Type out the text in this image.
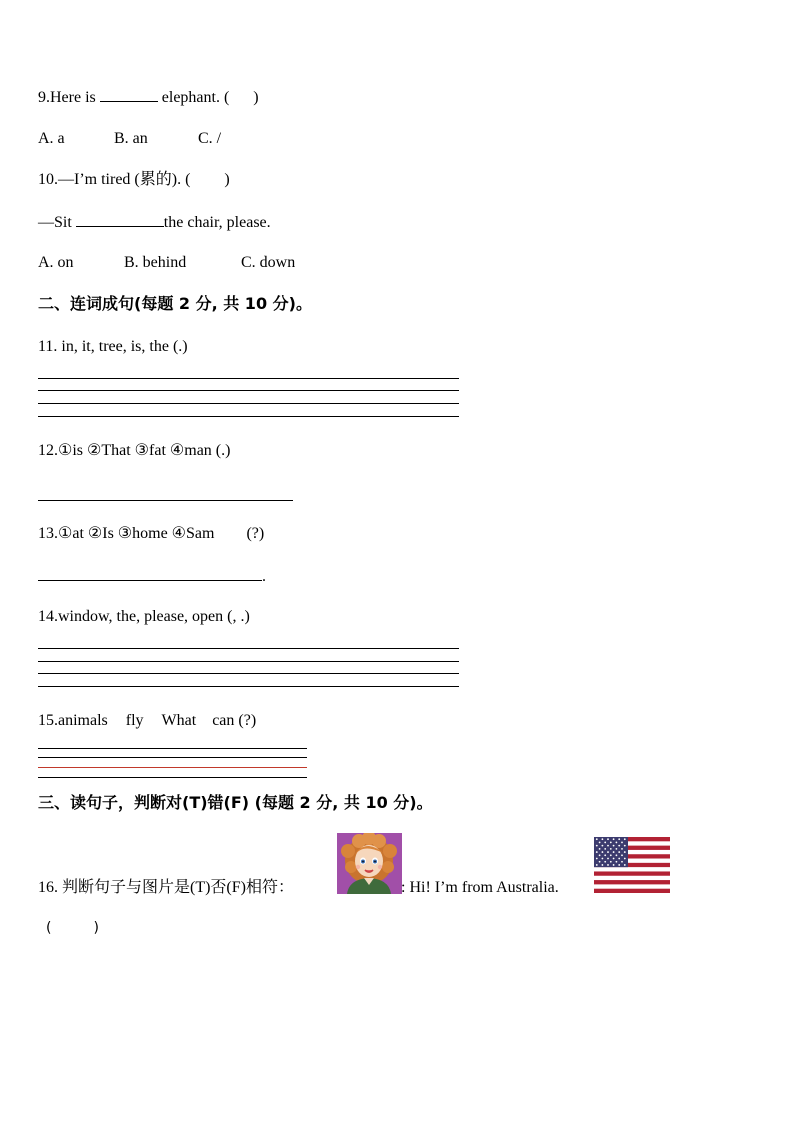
9.Here is	elephant. ( )
A. a	B. an	C. /
10.—I’m tired (累的). ( )
—Sit	the chair, please.
A. on	B. behind	C. down
二、连词成句(每题 2 分, 共 10 分)。
11. in, it, tree, is, the (.)
12.①is ②That ③fat ④man (.)
13.①at ②Is ③home ④Sam (?)
.
14.window, the, please, open (, .)
15.animals fly What can (?)
三、读句子，判断对(T)错(F) (每题 2 分, 共 10 分)。
16. 判断句子与图片是(T)否(F)相符：	: Hi! I’m from Australia.
(　　　)
